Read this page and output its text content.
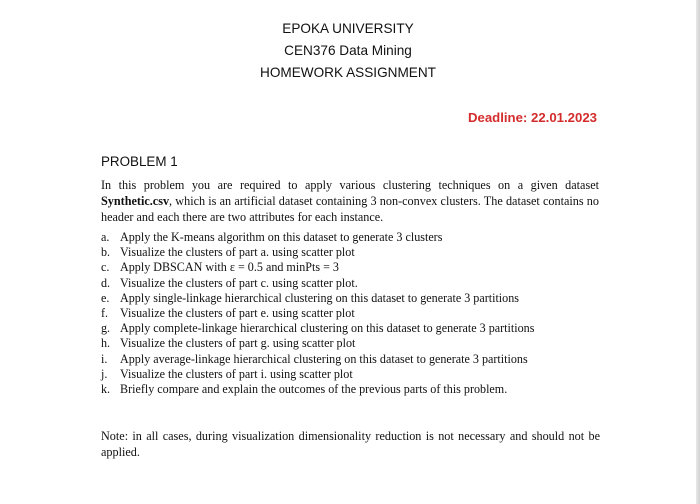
EPOKA UNIVERSITY
CEN376 Data Mining
HOMEWORK ASSIGNMENT
Deadline: 22.01.2023
PROBLEM 1

In this problem you are required to apply various clustering techniques on a given dataset Synthetic.csv, which is an artificial dataset containing 3 non-convex clusters. The dataset contains no header and each there are two attributes for each instance.

a. Apply the K-means algorithm on this dataset to generate 3 clusters
b. Visualize the clusters of part a. using scatter plot
c. Apply DBSCAN with ε = 0.5 and minPts = 3
d. Visualize the clusters of part c. using scatter plot.
e. Apply single-linkage hierarchical clustering on this dataset to generate 3 partitions
f. Visualize the clusters of part e. using scatter plot
g. Apply complete-linkage hierarchical clustering on this dataset to generate 3 partitions
h. Visualize the clusters of part g. using scatter plot
i.	Apply average-linkage hierarchical clustering on this dataset to generate 3 partitions
j.	Visualize the clusters of part i. using scatter plot
k. Briefly compare and explain the outcomes of the previous parts of this problem.

Note: in all cases, during visualization dimensionality reduction is not necessary and should not be applied.
